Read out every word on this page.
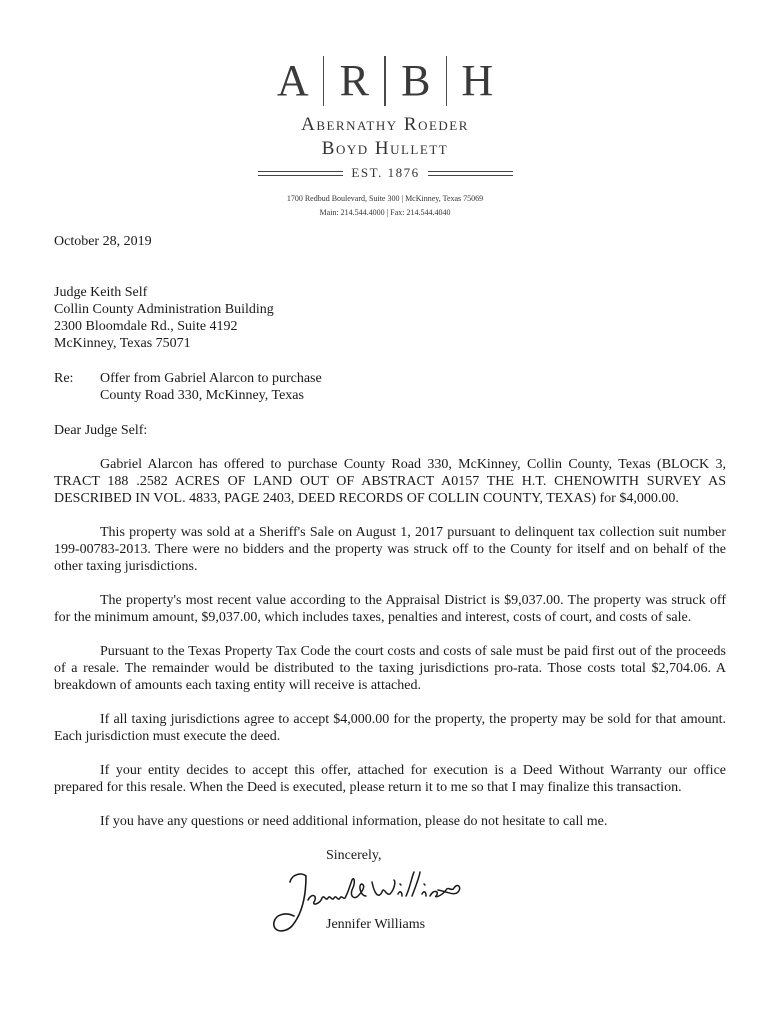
A R B H
Abernathy Roeder
Boyd Hullett
EST. 1876
1700 Redbud Boulevard, Suite 300 | McKinney, Texas 75069
Main: 214.544.4000 | Fax: 214.544.4040
October 28, 2019
Judge Keith Self
Collin County Administration Building
2300 Bloomdale Rd., Suite 4192
McKinney, Texas 75071
Re: Offer from Gabriel Alarcon to purchase
County Road 330, McKinney, Texas
Dear Judge Self:

Gabriel Alarcon has offered to purchase County Road 330, McKinney, Collin County, Texas (BLOCK 3, TRACT 188 .2582 ACRES OF LAND OUT OF ABSTRACT A0157 THE H.T. CHENOWITH SURVEY AS DESCRIBED IN VOL. 4833, PAGE 2403, DEED RECORDS OF COLLIN COUNTY, TEXAS) for $4,000.00.

This property was sold at a Sheriff's Sale on August 1, 2017 pursuant to delinquent tax collection suit number 199-00783-2013. There were no bidders and the property was struck off to the County for itself and on behalf of the other taxing jurisdictions.

The property's most recent value according to the Appraisal District is $9,037.00. The property was struck off for the minimum amount, $9,037.00, which includes taxes, penalties and interest, costs of court, and costs of sale.

Pursuant to the Texas Property Tax Code the court costs and costs of sale must be paid first out of the proceeds of a resale. The remainder would be distributed to the taxing jurisdictions pro-rata. Those costs total $2,704.06. A breakdown of amounts each taxing entity will receive is attached.

If all taxing jurisdictions agree to accept $4,000.00 for the property, the property may be sold for that amount. Each jurisdiction must execute the deed.

If your entity decides to accept this offer, attached for execution is a Deed Without Warranty our office prepared for this resale. When the Deed is executed, please return it to me so that I may finalize this transaction.

If you have any questions or need additional information, please do not hesitate to call me.

Sincerely,
Jennifer Williams
